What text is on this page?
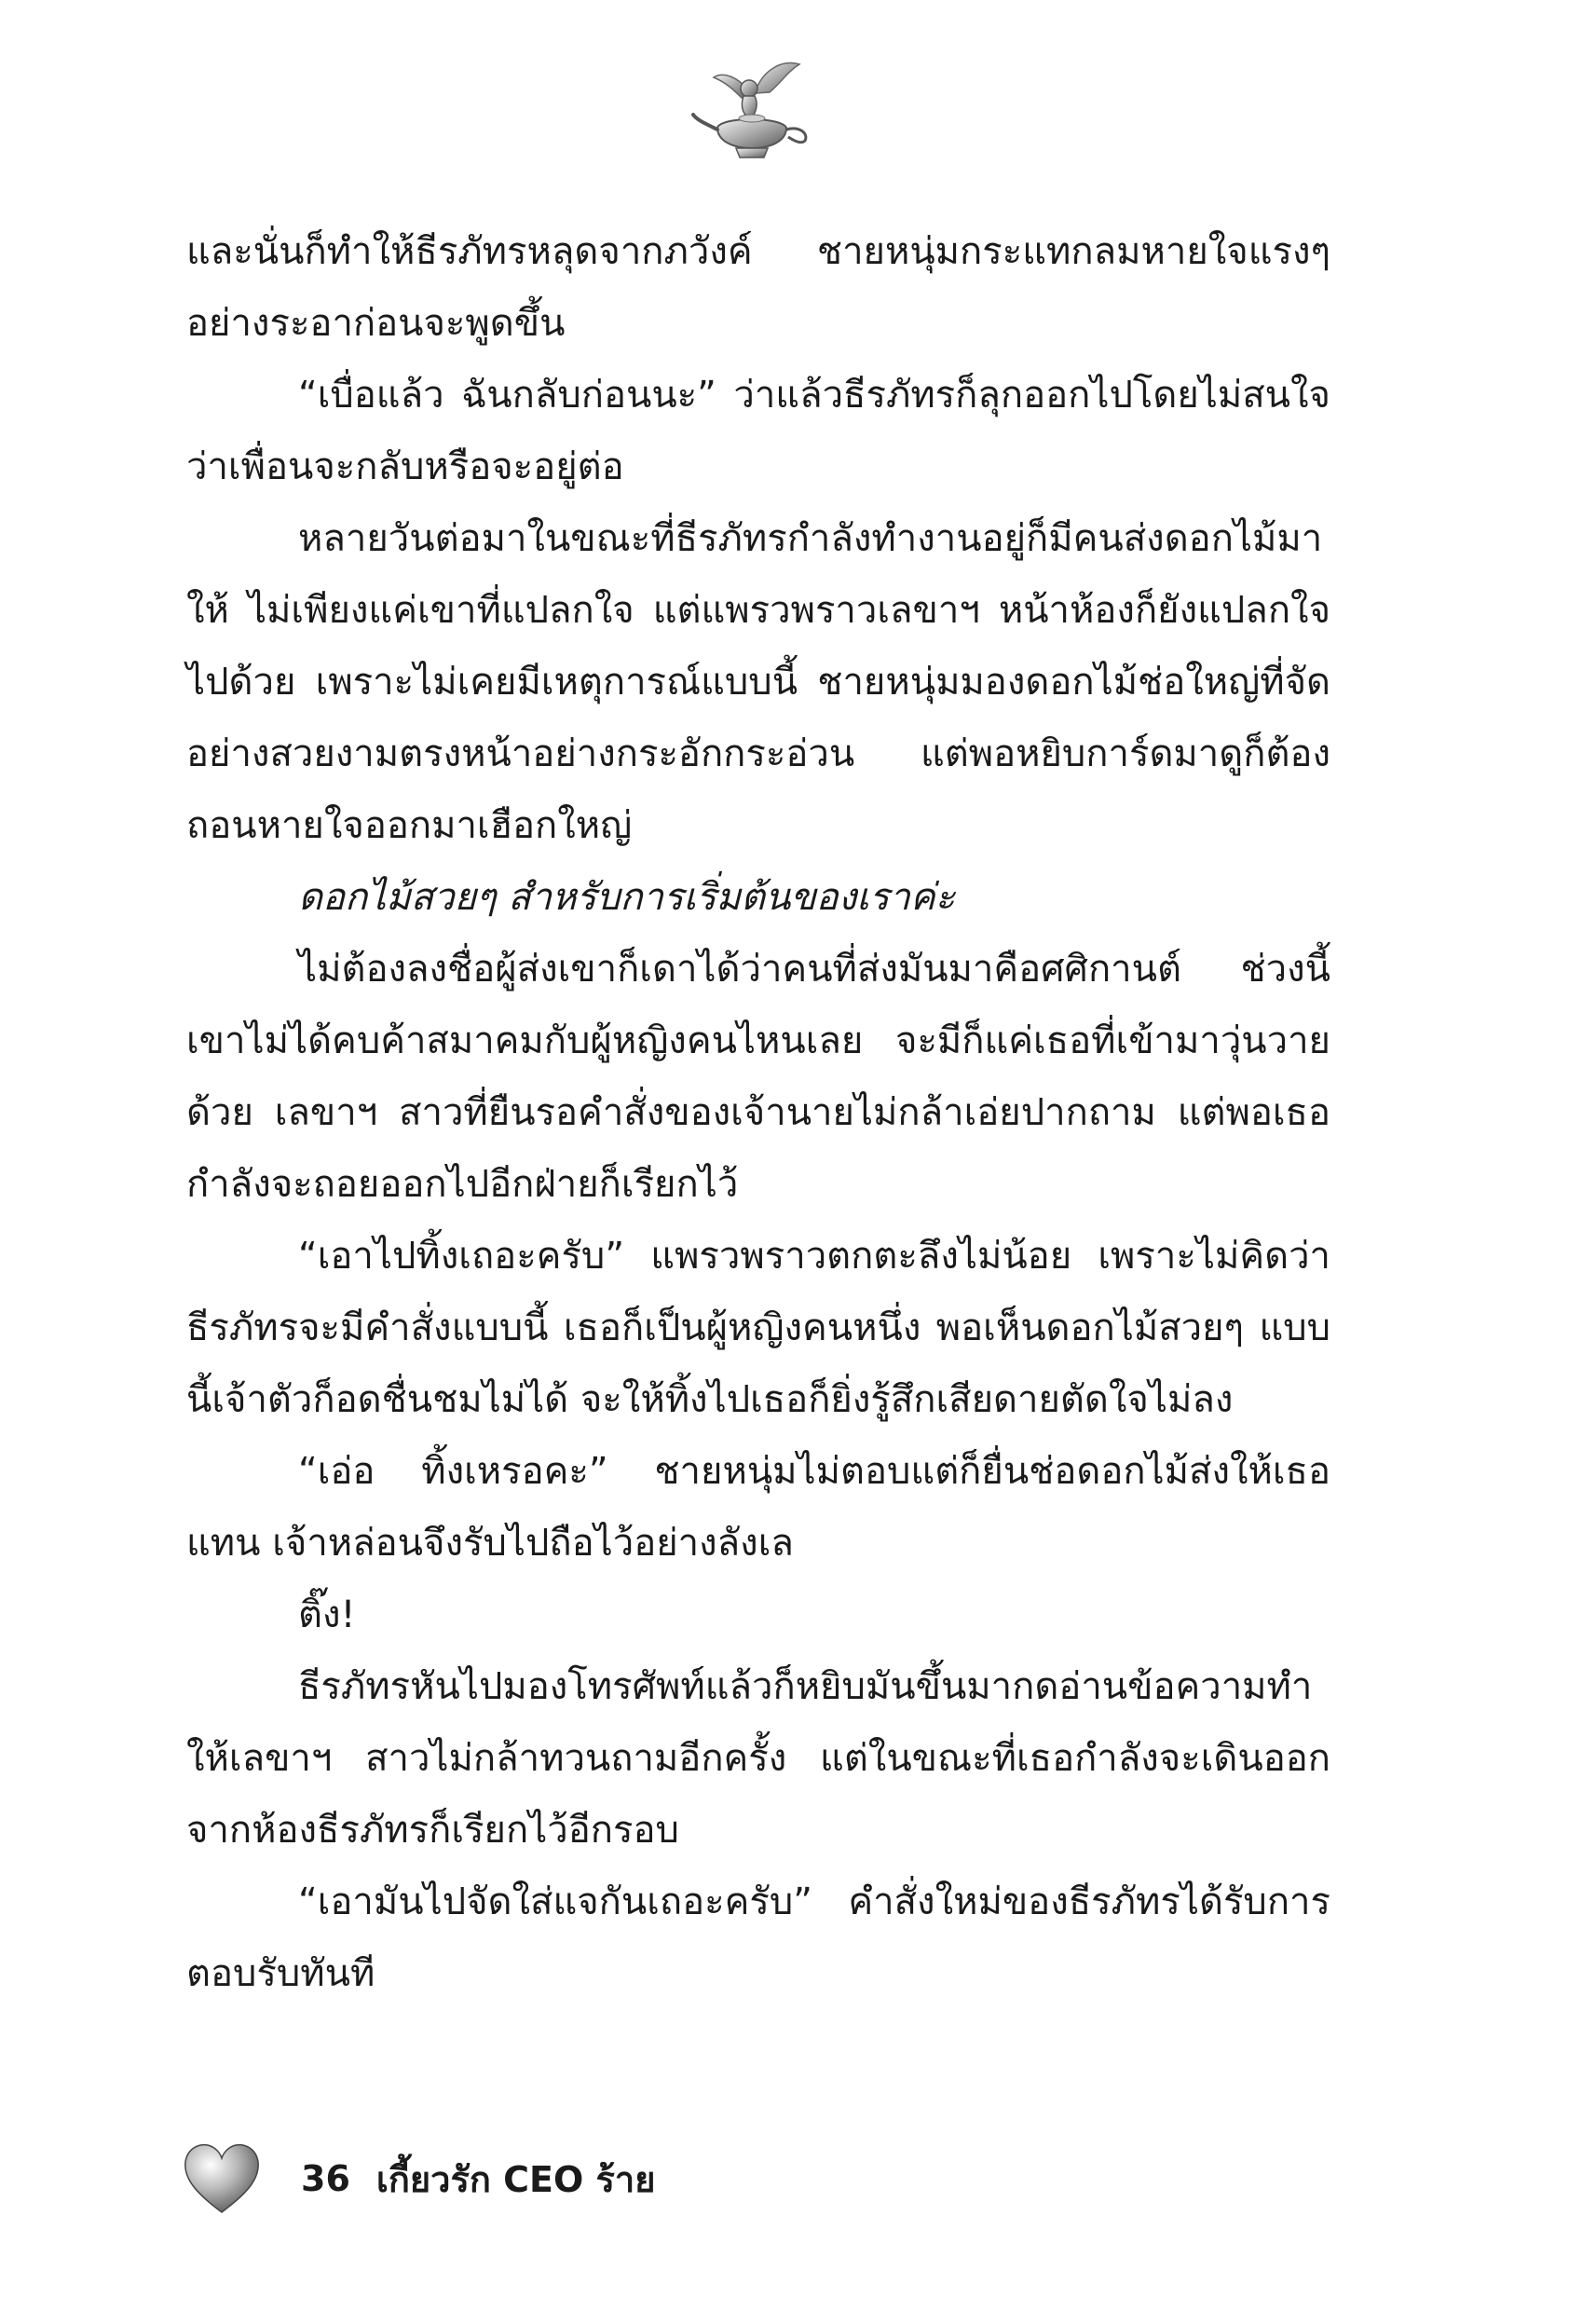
และนั่นก็ทำให้ธีรภัทรหลุดจากภวังค์ ชายหนุ่มกระแทกลมหายใจแรงๆ อย่างระอาก่อนจะพูดขึ้น

“เบื่อแล้ว ฉันกลับก่อนนะ” ว่าแล้วธีรภัทรก็ลุกออกไปโดยไม่สนใจว่าเพื่อนจะกลับหรือจะอยู่ต่อ

หลายวันต่อมาในขณะที่ธีรภัทรกำลังทำงานอยู่ก็มีคนส่งดอกไม้มาให้ ไม่เพียงแค่เขาที่แปลกใจ แต่แพรวพราวเลขาฯ หน้าห้องก็ยังแปลกใจไปด้วย เพราะไม่เคยมีเหตุการณ์แบบนี้ ชายหนุ่มมองดอกไม้ช่อใหญ่ที่จัดอย่างสวยงามตรงหน้าอย่างกระอักกระอ่วน แต่พอหยิบการ์ดมาดูก็ต้องถอนหายใจออกมาเฮือกใหญ่

ดอกไม้สวยๆ สำหรับการเริ่มต้นของเราค่ะ

ไม่ต้องลงชื่อผู้ส่งเขาก็เดาได้ว่าคนที่ส่งมันมาคือศศิกานต์ ช่วงนี้เขาไม่ได้คบค้าสมาคมกับผู้หญิงคนไหนเลย จะมีก็แค่เธอที่เข้ามาวุ่นวายด้วย เลขาฯ สาวที่ยืนรอคำสั่งของเจ้านายไม่กล้าเอ่ยปากถาม แต่พอเธอกำลังจะถอยออกไปอีกฝ่ายก็เรียกไว้

“เอาไปทิ้งเถอะครับ” แพรวพราวตกตะลึงไม่น้อย เพราะไม่คิดว่าธีรภัทรจะมีคำสั่งแบบนี้ เธอก็เป็นผู้หญิงคนหนึ่ง พอเห็นดอกไม้สวยๆ แบบนี้เจ้าตัวก็อดชื่นชมไม่ได้ จะให้ทิ้งไปเธอก็ยิ่งรู้สึกเสียดายตัดใจไม่ลง

“เอ่อ ทิ้งเหรอคะ” ชายหนุ่มไม่ตอบแต่ก็ยื่นช่อดอกไม้ส่งให้เธอแทน เจ้าหล่อนจึงรับไปถือไว้อย่างลังเล

ติ๊ง!

ธีรภัทรหันไปมองโทรศัพท์แล้วก็หยิบมันขึ้นมากดอ่านข้อความทำให้เลขาฯ สาวไม่กล้าทวนถามอีกครั้ง แต่ในขณะที่เธอกำลังจะเดินออกจากห้องธีรภัทรก็เรียกไว้อีกรอบ

“เอามันไปจัดใส่แจกันเถอะครับ” คำสั่งใหม่ของธีรภัทรได้รับการตอบรับทันที

36 เกี้ยวรัก CEO ร้าย
